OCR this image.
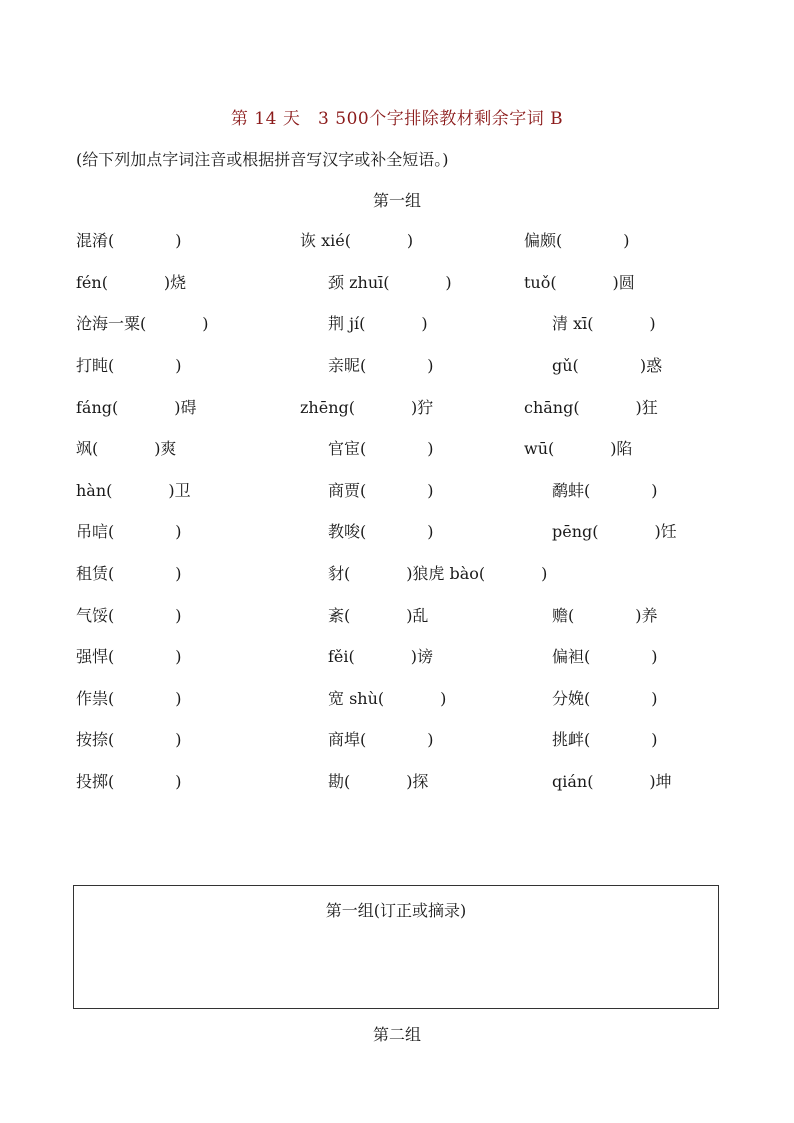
第 14 天   3 500个字排除教材剩余字词 B
(给下列加点字词注音或根据拼音写汉字或补全短语。)
第一组
混淆(            )	诙 xié(           )	偏颇(            )
fén(           )烧	颈 zhuī(           )	tuǒ(           )圆
沧海一粟(           )	荆 jí(           )	清 xī(           )
打盹(            )	亲昵(            )	gǔ(            )惑
fáng(           )碍	zhēng(           )狞	chāng(           )狂
飒(           )爽	官宦(            )	wū(           )陷
hàn(           )卫	商贾(            )	鹬蚌(            )
吊唁(            )	教唆(            )	pēng(           )饪
租赁(            )	豺(           )狼虎 bào(           )
气馁(            )	紊(           )乱	赡(            )养
强悍(            )	fěi(           )谤	偏袒(            )
作祟(            )	宽 shù(           )	分娩(            )
按捺(            )	商埠(            )	挑衅(            )
投掷(            )	勘(           )探	qián(           )坤
第一组(订正或摘录)
第二组
